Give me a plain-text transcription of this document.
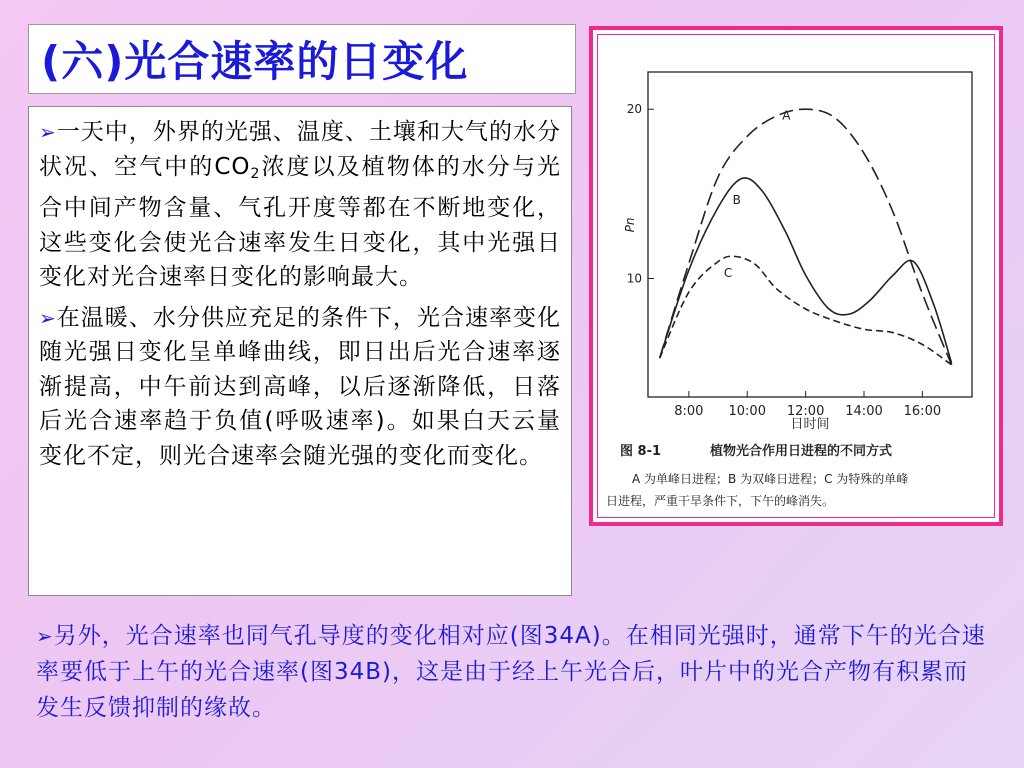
(六)光合速率的日变化

➢一天中，外界的光强、温度、土壤和大气的水分状况、空气中的$CO_2$浓度以及植物体的水分与光合中间产物含量、气孔开度等都在不断地变化，这些变化会使光合速率发生日变化，其中光强日变化对光合速率日变化的影响最大。

➢在温暖、水分供应充足的条件下，光合速率变化随光强日变化呈单峰曲线，即日出后光合速率逐渐提高，中午前达到高峰，以后逐渐降低，日落后光合速率趋于负值(呼吸速率)。如果白天云量变化不定，则光合速率会随光强的变化而变化。

8:00 10:00 12:00 14:00 16:00
10
20	A
B
C
Pn
日时间
图 8-1	植物光合作用日进程的不同方式
A 为单峰日进程；B 为双峰日进程；C 为特殊的单峰
日进程，严重干旱条件下，下午的峰消失。
➢另外，光合速率也同气孔导度的变化相对应(图34A)。在相同光强时，通常下午的光合速率要低于上午的光合速率(图34B)，这是由于经上午光合后，叶片中的光合产物有积累而发生反馈抑制的缘故。
